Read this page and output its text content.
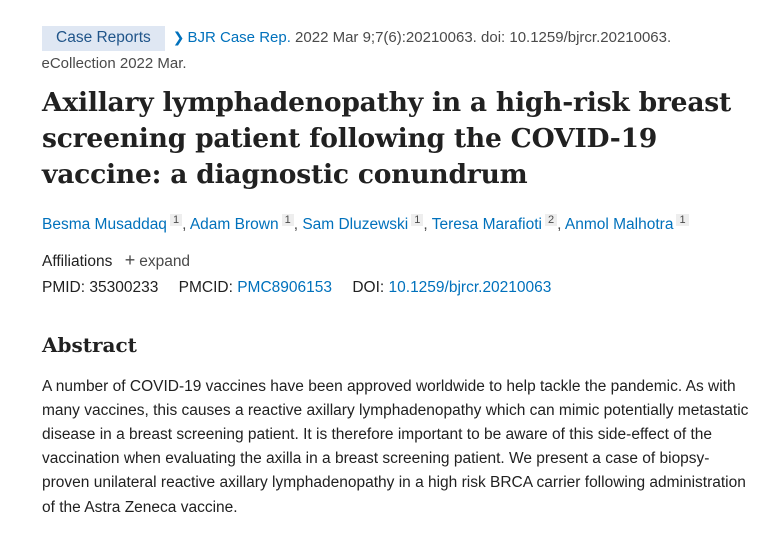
Case Reports ❯ BJR Case Rep. 2022 Mar 9;7(6):20210063. doi: 10.1259/bjrcr.20210063.
eCollection 2022 Mar.
Axillary lymphadenopathy in a high-risk breast screening patient following the COVID-19 vaccine: a diagnostic conundrum
Besma Musaddaq 1 , Adam Brown 1 , Sam Dluzewski 1 , Teresa Marafioti 2 , Anmol Malhotra 1
Affiliations + expand
PMID: 35300233 PMCID: PMC8906153 DOI: 10.1259/bjrcr.20210063
Abstract
A number of COVID-19 vaccines have been approved worldwide to help tackle the pandemic. As with many vaccines, this causes a reactive axillary lymphadenopathy which can mimic potentially metastatic disease in a breast screening patient. It is therefore important to be aware of this side-effect of the vaccination when evaluating the axilla in a breast screening patient. We present a case of biopsy-proven unilateral reactive axillary lymphadenopathy in a high risk BRCA carrier following administration of the Astra Zeneca vaccine.
